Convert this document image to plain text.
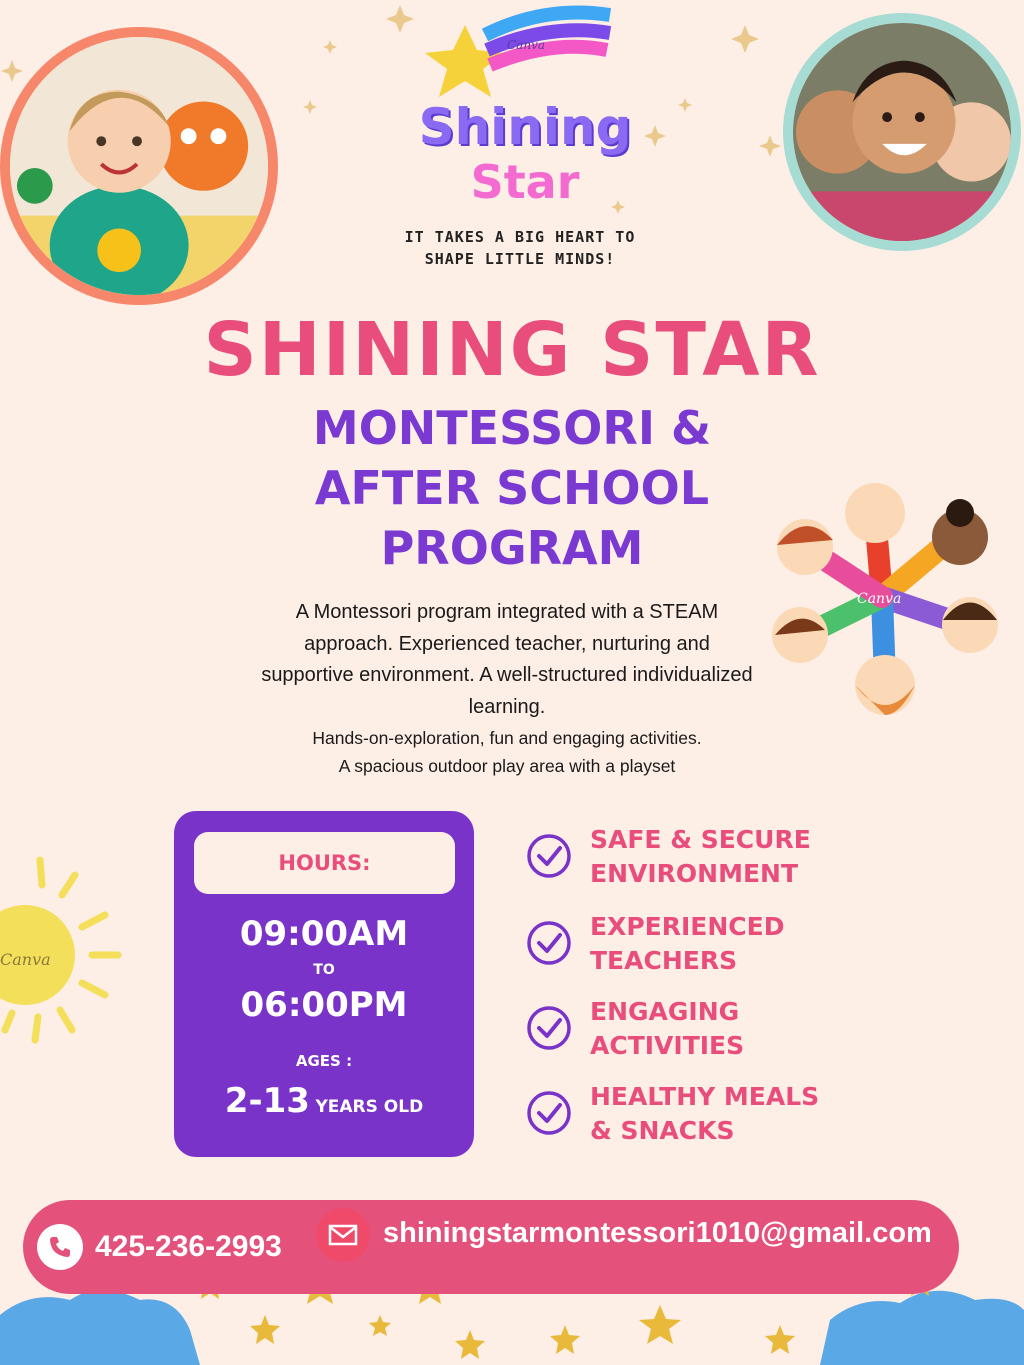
Canva
Shining
Star
IT TAKES A BIG HEART TO SHAPE LITTLE MINDS!
SHINING STAR
MONTESSORI &
AFTER SCHOOL
PROGRAM
Canva
A Montessori program integrated with a STEAM approach. Experienced teacher, nurturing and supportive environment. A well-structured individualized learning.
Hands-on-exploration, fun and engaging activities.
A spacious outdoor play area with a playset
Canva
HOURS:
09:00AM
TO
06:00PM
AGES :
2-13 YEARS OLD
SAFE & SECURE
ENVIRONMENT
EXPERIENCED
TEACHERS
ENGAGING
ACTIVITIES
HEALTHY MEALS
& SNACKS
425-236-2993	shiningstarmontessori1010@gmail.com
